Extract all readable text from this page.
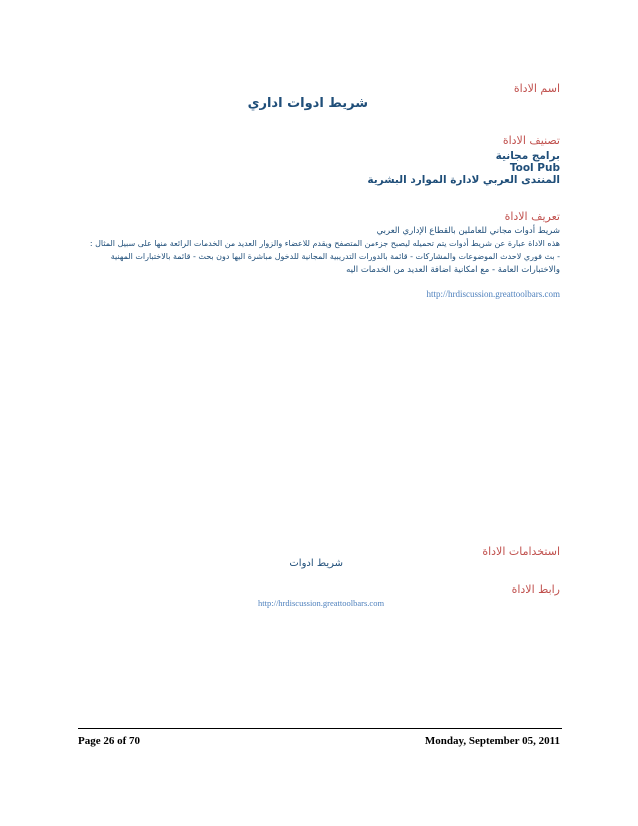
اسم الاداة
شريط ادوات اداري
تصنيف الاداة
برامج مجانية
Tool Pub
المنتدى العربي لادارة الموارد البشرية
تعريف الاداة
شريط أدوات مجاني للعاملين بالقطاع الإداري العربي
هذه الاداة عبارة عن شريط أدوات يتم تحميله ليصبح جزءمن المتصفح ويقدم للاعضاء والزوار العديد من الخدمات الرائعة منها على سبيل المثال :
- بث فوري لاحدث الموضوعات والمشاركات - قائمة بالدورات التدريبية المجانية للدخول مباشرة اليها دون بحث - قائمة بالاختبارات المهنية
والاختبارات العامة - مع امكانية اضافة العديد من الخدمات اليه
http://hrdiscussion.greattoolbars.com
استخدامات الاداة
شريط ادوات
رابط الاداة
http://hrdiscussion.greattoolbars.com
Page 26 of 70	Monday, September 05, 2011
